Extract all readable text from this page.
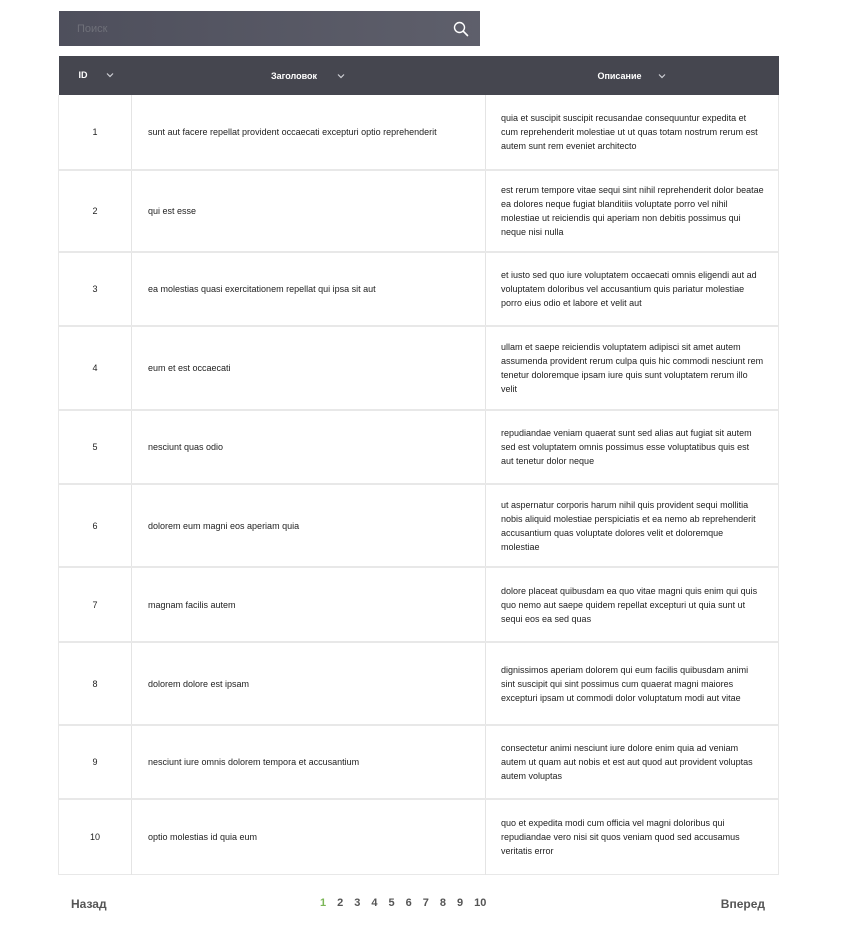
Поиск
ID	Заголовок	Описание

1	sunt aut facere repellat provident occaecati excepturi optio reprehenderit	quia et suscipit suscipit recusandae consequuntur expedita et cum reprehenderit molestiae ut ut quas totam nostrum rerum est autem sunt rem eveniet architecto
2	qui est esse	est rerum tempore vitae sequi sint nihil reprehenderit dolor beatae ea dolores neque fugiat blanditiis voluptate porro vel nihil molestiae ut reiciendis qui aperiam non debitis possimus qui neque nisi nulla
3	ea molestias quasi exercitationem repellat qui ipsa sit aut	et iusto sed quo iure voluptatem occaecati omnis eligendi aut ad voluptatem doloribus vel accusantium quis pariatur molestiae porro eius odio et labore et velit aut
4	eum et est occaecati	ullam et saepe reiciendis voluptatem adipisci sit amet autem assumenda provident rerum culpa quis hic commodi nesciunt rem tenetur doloremque ipsam iure quis sunt voluptatem rerum illo velit
5	nesciunt quas odio	repudiandae veniam quaerat sunt sed alias aut fugiat sit autem sed est voluptatem omnis possimus esse voluptatibus quis est aut tenetur dolor neque
6	dolorem eum magni eos aperiam quia	ut aspernatur corporis harum nihil quis provident sequi mollitia nobis aliquid molestiae perspiciatis et ea nemo ab reprehenderit accusantium quas voluptate dolores velit et doloremque molestiae
7	magnam facilis autem	dolore placeat quibusdam ea quo vitae magni quis enim qui quis quo nemo aut saepe quidem repellat excepturi ut quia sunt ut sequi eos ea sed quas
8	dolorem dolore est ipsam	dignissimos aperiam dolorem qui eum facilis quibusdam animi sint suscipit qui sint possimus cum quaerat magni maiores excepturi ipsam ut commodi dolor voluptatum modi aut vitae
9	nesciunt iure omnis dolorem tempora et accusantium	consectetur animi nesciunt iure dolore enim quia ad veniam autem ut quam aut nobis et est aut quod aut provident voluptas autem voluptas
10	optio molestias id quia eum	quo et expedita modi cum officia vel magni doloribus qui repudiandae vero nisi sit quos veniam quod sed accusamus veritatis error
Назад	1 2 3 4 5 6 7 8 9 10	Вперед
